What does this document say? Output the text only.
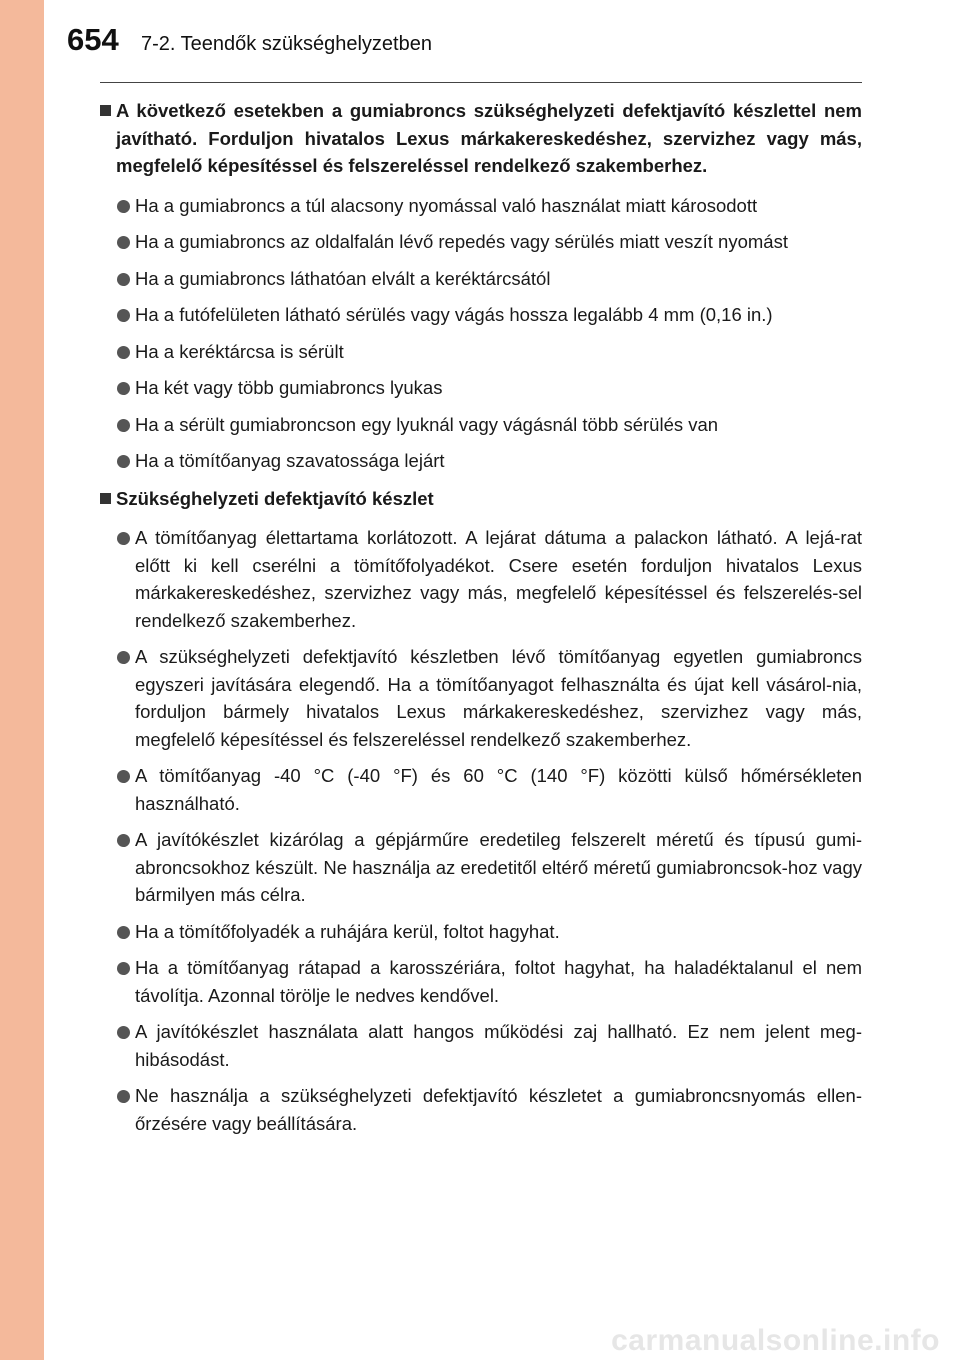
654 7-2. Teendők szükséghelyzetben
A következő esetekben a gumiabroncs szükséghelyzeti defektjavító készlettel nem javítható. Forduljon hivatalos Lexus márkakereskedéshez, szervizhez vagy más, megfelelő képesítéssel és felszereléssel rendelkező szakemberhez.
Ha a gumiabroncs a túl alacsony nyomással való használat miatt károsodott
Ha a gumiabroncs az oldalfalán lévő repedés vagy sérülés miatt veszít nyomást
Ha a gumiabroncs láthatóan elvált a keréktárcsától
Ha a futófelületen látható sérülés vagy vágás hossza legalább 4 mm (0,16 in.)
Ha a keréktárcsa is sérült
Ha két vagy több gumiabroncs lyukas
Ha a sérült gumiabroncson egy lyuknál vagy vágásnál több sérülés van
Ha a tömítőanyag szavatossága lejárt
Szükséghelyzeti defektjavító készlet
A tömítőanyag élettartama korlátozott. A lejárat dátuma a palackon látható. A lejá-rat előtt ki kell cserélni a tömítőfolyadékot. Csere esetén forduljon hivatalos Lexus márkakereskedéshez, szervizhez vagy más, megfelelő képesítéssel és felszerelés-sel rendelkező szakemberhez.
A szükséghelyzeti defektjavító készletben lévő tömítőanyag egyetlen gumiabroncs egyszeri javítására elegendő. Ha a tömítőanyagot felhasználta és újat kell vásárol-nia, forduljon bármely hivatalos Lexus márkakereskedéshez, szervizhez vagy más, megfelelő képesítéssel és felszereléssel rendelkező szakemberhez.
A tömítőanyag -40 °C (-40 °F) és 60 °C (140 °F) közötti külső hőmérsékleten használható.
A javítókészlet kizárólag a gépjárműre eredetileg felszerelt méretű és típusú gumi-abroncsokhoz készült. Ne használja az eredetitől eltérő méretű gumiabroncsok-hoz vagy bármilyen más célra.
Ha a tömítőfolyadék a ruhájára kerül, foltot hagyhat.
Ha a tömítőanyag rátapad a karosszériára, foltot hagyhat, ha haladéktalanul el nem távolítja. Azonnal törölje le nedves kendővel.
A javítókészlet használata alatt hangos működési zaj hallható. Ez nem jelent meg-hibásodást.
Ne használja a szükséghelyzeti defektjavító készletet a gumiabroncsnyomás ellen-őrzésére vagy beállítására.
carmanualsonline.info
